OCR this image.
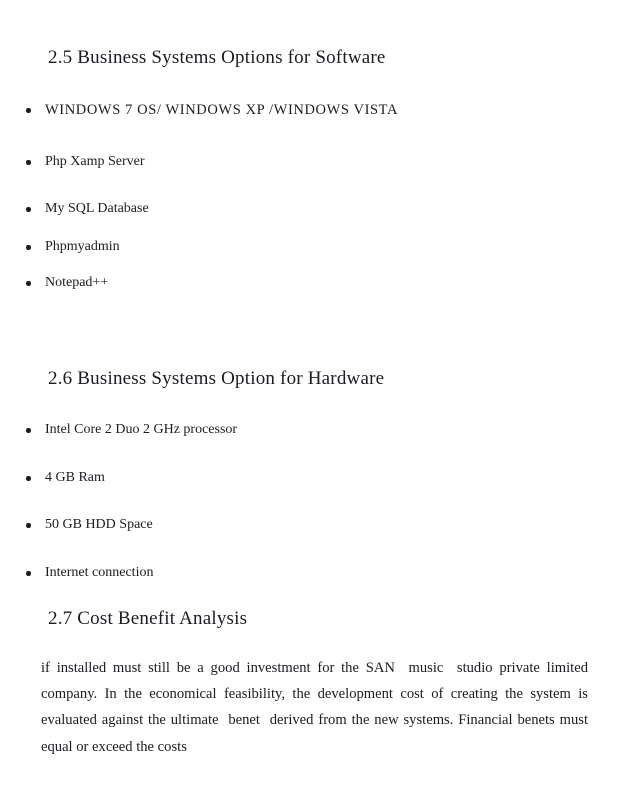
2.5 Business Systems Options for Software
WINDOWS 7 OS/ WINDOWS XP /WINDOWS VISTA
Php Xamp Server
My SQL Database
Phpmyadmin
Notepad++
2.6 Business Systems Option for Hardware
Intel Core 2 Duo 2 GHz processor
4 GB Ram
50 GB HDD Space
Internet connection
2.7 Cost Benefit Analysis

if installed must still be a good investment for the SAN  music  studio private limited company. In the economical feasibility, the development cost of creating the system is evaluated against the ultimate  benet  derived from the new systems. Financial benets must equal or exceed the costs
